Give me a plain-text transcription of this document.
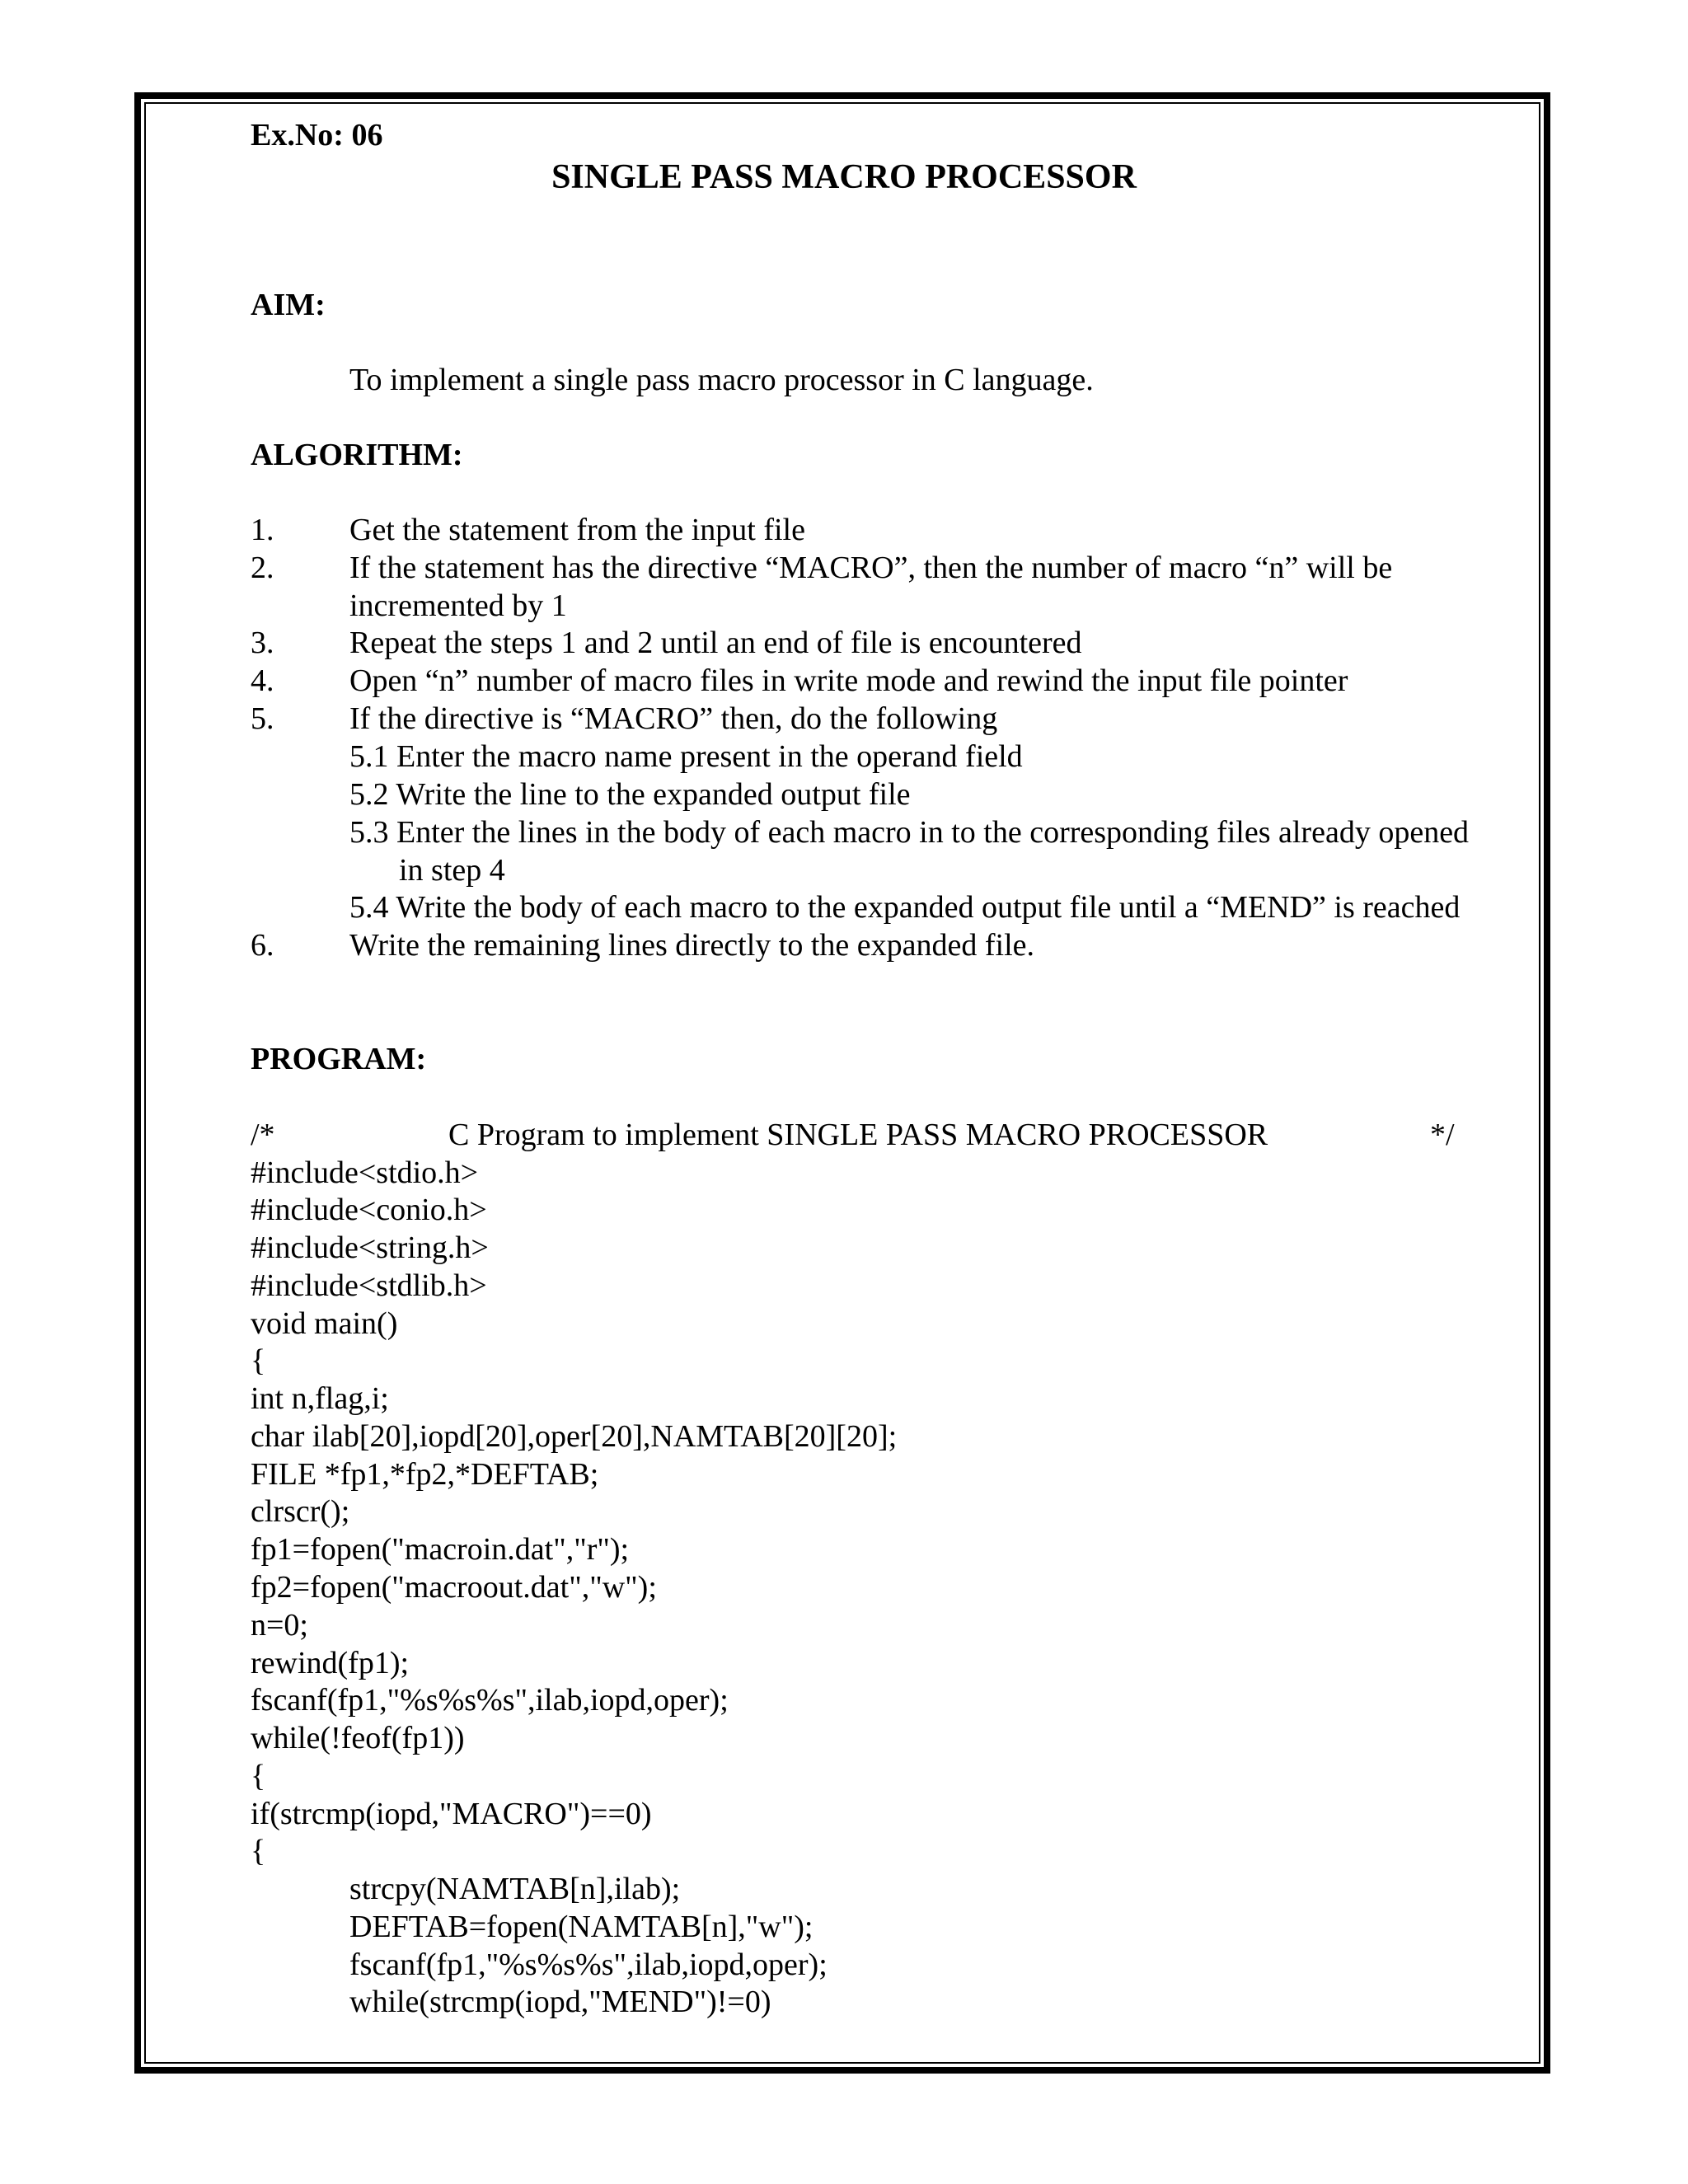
Ex.No: 06
SINGLE PASS MACRO PROCESSOR
AIM:
To implement a single pass macro processor in C language.
ALGORITHM:
1. Get the statement from the input file
2. If the statement has the directive “MACRO”, then the number of macro “n” will be
incremented by 1
3. Repeat the steps 1 and 2 until an end of file is encountered
4. Open “n” number of macro files in write mode and rewind the input file pointer
5. If the directive is “MACRO” then, do the following
5.1 Enter the macro name present in the operand field
5.2 Write the line to the expanded output file
5.3 Enter the lines in the body of each macro in to the corresponding files already opened
in step 4
5.4 Write the body of each macro to the expanded output file until a “MEND” is reached
6. Write the remaining lines directly to the expanded file.
PROGRAM:
/*	C Program to implement SINGLE PASS MACRO PROCESSOR	*/
#include<stdio.h>
#include<conio.h>
#include<string.h>
#include<stdlib.h>
void main()
{
int n,flag,i;
char ilab[20],iopd[20],oper[20],NAMTAB[20][20];
FILE *fp1,*fp2,*DEFTAB;
clrscr();
fp1=fopen("macroin.dat","r");
fp2=fopen("macroout.dat","w");
n=0;
rewind(fp1);
fscanf(fp1,"%s%s%s",ilab,iopd,oper);
while(!feof(fp1))
{
if(strcmp(iopd,"MACRO")==0)
{
strcpy(NAMTAB[n],ilab);
DEFTAB=fopen(NAMTAB[n],"w");
fscanf(fp1,"%s%s%s",ilab,iopd,oper);
while(strcmp(iopd,"MEND")!=0)
